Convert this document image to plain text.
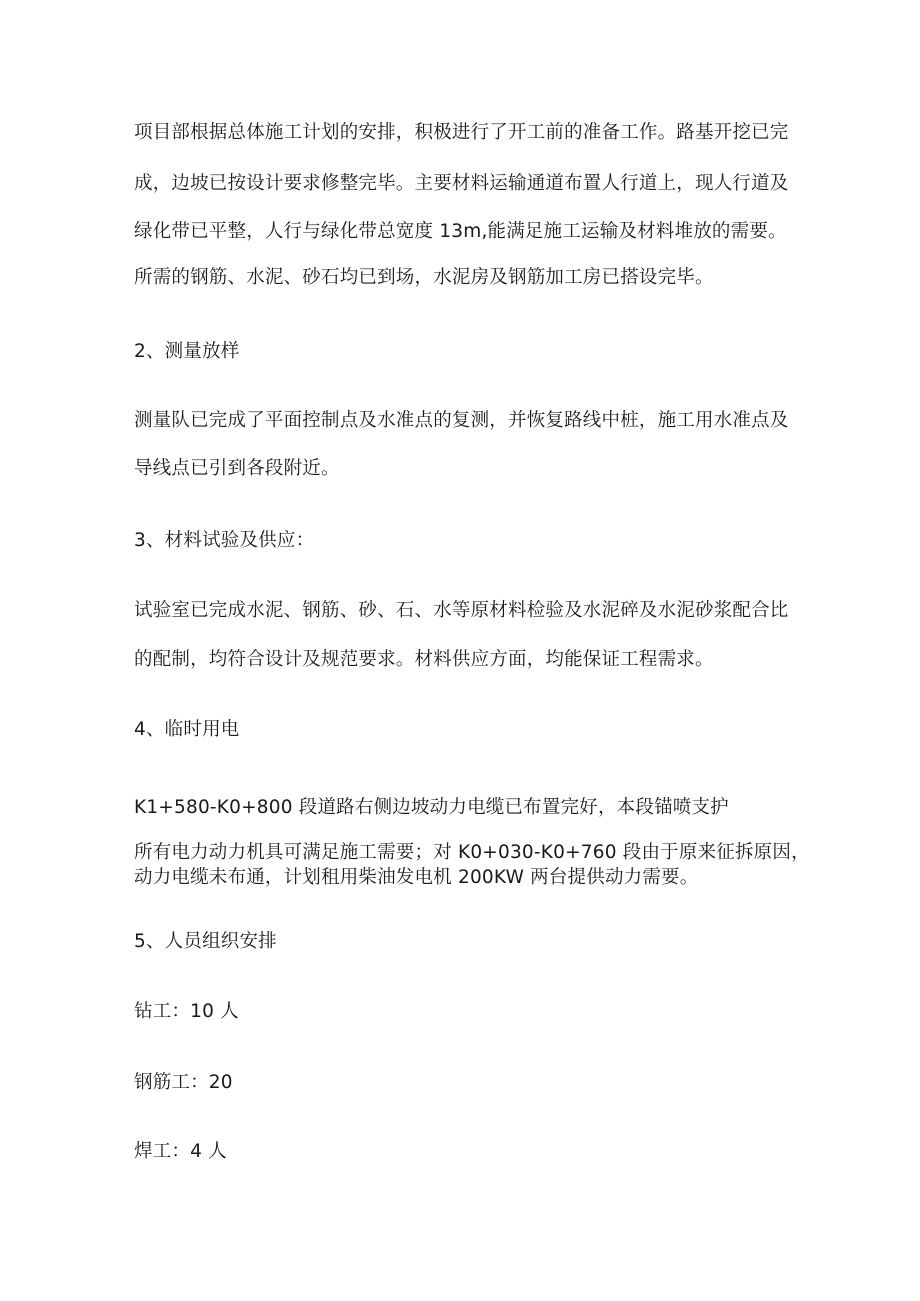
项目部根据总体施工计划的安排，积极进行了开工前的准备工作。路基开挖已完
成，边坡已按设计要求修整完毕。主要材料运输通道布置人行道上，现人行道及
绿化带已平整，人行与绿化带总宽度 13m,能满足施工运输及材料堆放的需要。
所需的钢筋、水泥、砂石均已到场，水泥房及钢筋加工房已搭设完毕。
2、测量放样
测量队已完成了平面控制点及水准点的复测，并恢复路线中桩，施工用水准点及
导线点已引到各段附近。
3、材料试验及供应：
试验室已完成水泥、钢筋、砂、石、水等原材料检验及水泥碎及水泥砂浆配合比
的配制，均符合设计及规范要求。材料供应方面，均能保证工程需求。
4、临时用电
K1+580-K0+800 段道路右侧边坡动力电缆已布置完好，本段锚喷支护
所有电力动力机具可满足施工需要；对 K0+030-K0+760 段由于原来征拆原因，
动力电缆未布通，计划租用柴油发电机 200KW 两台提供动力需要。
5、人员组织安排
钻工：10 人
钢筋工：20
焊工：4 人
